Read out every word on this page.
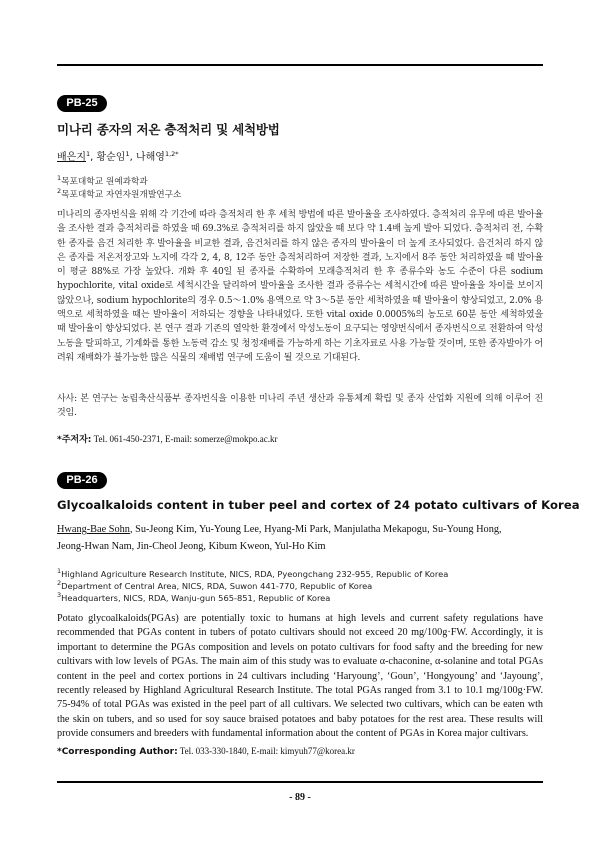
PB-25
미나리 종자의 저온 층적처리 및 세척방법
배은지$^1$, 황순임$^1$, 나해영$^{1,2*}$
$^1$목포대학교 원예과학과
$^2$목포대학교 자연자원개발연구소
미나리의 종자번식을 위해 각 기간에 따라 층적처리 한 후 세척 방법에 따른 발아율을 조사하였다. 층적처리 유무에 따른 발아율을 조사한 결과 층적처리를 하였을 때 69.3%로 층적처리를 하지 않았을 때 보다 약 1.4배 높게 발아 되었다. 층적처리 전, 수확한 종자를 음건 처리한 후 발아율을 비교한 결과, 음건처리를 하지 않은 종자의 발아율이 더 높게 조사되었다. 음건처리 하지 않은 종자를 저온저장고와 노지에 각각 2, 4, 8, 12주 동안 층적처리하여 저장한 결과, 노지에서 8주 동안 처리하였을 때 발아율이 평균 88%로 가장 높았다. 개화 후 40일 된 종자를 수확하여 모래층적처리 한 후 종류수와 농도 수준이 다른 sodium hypochlorite, vital oxide로 세척시간을 달리하여 발아율을 조사한 결과 증류수는 세척시간에 따른 발아율을 차이를 보이지 않았으나, sodium hypochlorite의 경우 0.5～1.0% 용액으로 약 3～5분 동안 세척하였을 때 발아율이 향상되었고, 2.0% 용액으로 세척하였을 때는 발아율이 저하되는 경향을 나타내었다. 또한 vital oxide 0.0005%의 농도로 60분 동안 세척하였을 때 발아율이 향상되었다. 본 연구 결과 기존의 열악한 환경에서 악성노동이 요구되는 영양번식에서 종자번식으로 전환하여 악성노동을 탈피하고, 기계화를 통한 노동력 감소 및 청정재배를 가능하게 하는 기초자료로 사용 가능할 것이며, 또한 종자발아가 어려워 재배화가 불가능한 많은 식물의 재배법 연구에 도움이 될 것으로 기대된다.
사사: 본 연구는 농림축산식품부 종자번식을 이용한 미나리 주년 생산과 유통체계 확립 및 종자 산업화 지원에 의해 이루어 진 것임.
*주저자: Tel. 061-450-2371, E-mail: somerze@mokpo.ac.kr
PB-26
Glycoalkaloids content in tuber peel and cortex of 24 potato cultivars of Korea
Hwang-Bae Sohn, Su-Jeong Kim, Yu-Young Lee, Hyang-Mi Park, Manjulatha Mekapogu, Su-Young Hong,
Jeong-Hwan Nam, Jin-Cheol Jeong, Kibum Kweon, Yul-Ho Kim
$^1$Highland Agriculture Research Institute, NICS, RDA, Pyeongchang 232-955, Republic of Korea
$^2$Department of Central Area, NICS, RDA, Suwon 441-770, Republic of Korea
$^3$Headquarters, NICS, RDA, Wanju-gun 565-851, Republic of Korea
Potato glycoalkaloids(PGAs) are potentially toxic to humans at high levels and current safety regulations have recommended that PGAs content in tubers of potato cultivars should not exceed 20 mg/100g·FW. Accordingly, it is important to determine the PGAs composition and levels on potato cultivars for food safty and the breeding for new cultivars with low levels of PGAs. The main aim of this study was to evaluate α-chaconine, α-solanine and total PGAs content in the peel and cortex portions in 24 cultivars including ‘Haryoung’, ‘Goun’, ‘Hongyoung’ and ‘Jayoung’, recently released by Highland Agricultural Research Institute. The total PGAs ranged from 3.1 to 10.1 mg/100g·FW. 75-94% of total PGAs was existed in the peel part of all cultivars. We selected two cultivars, which can be eaten wth the skin on tubers, and so used for soy sauce braised potatoes and baby potatoes for the rest area. These results will provide consumers and breeders with fundamental information about the content of PGAs in Korea major cultivars.
*Corresponding Author: Tel. 033-330-1840, E-mail: kimyuh77@korea.kr
- 89 -
